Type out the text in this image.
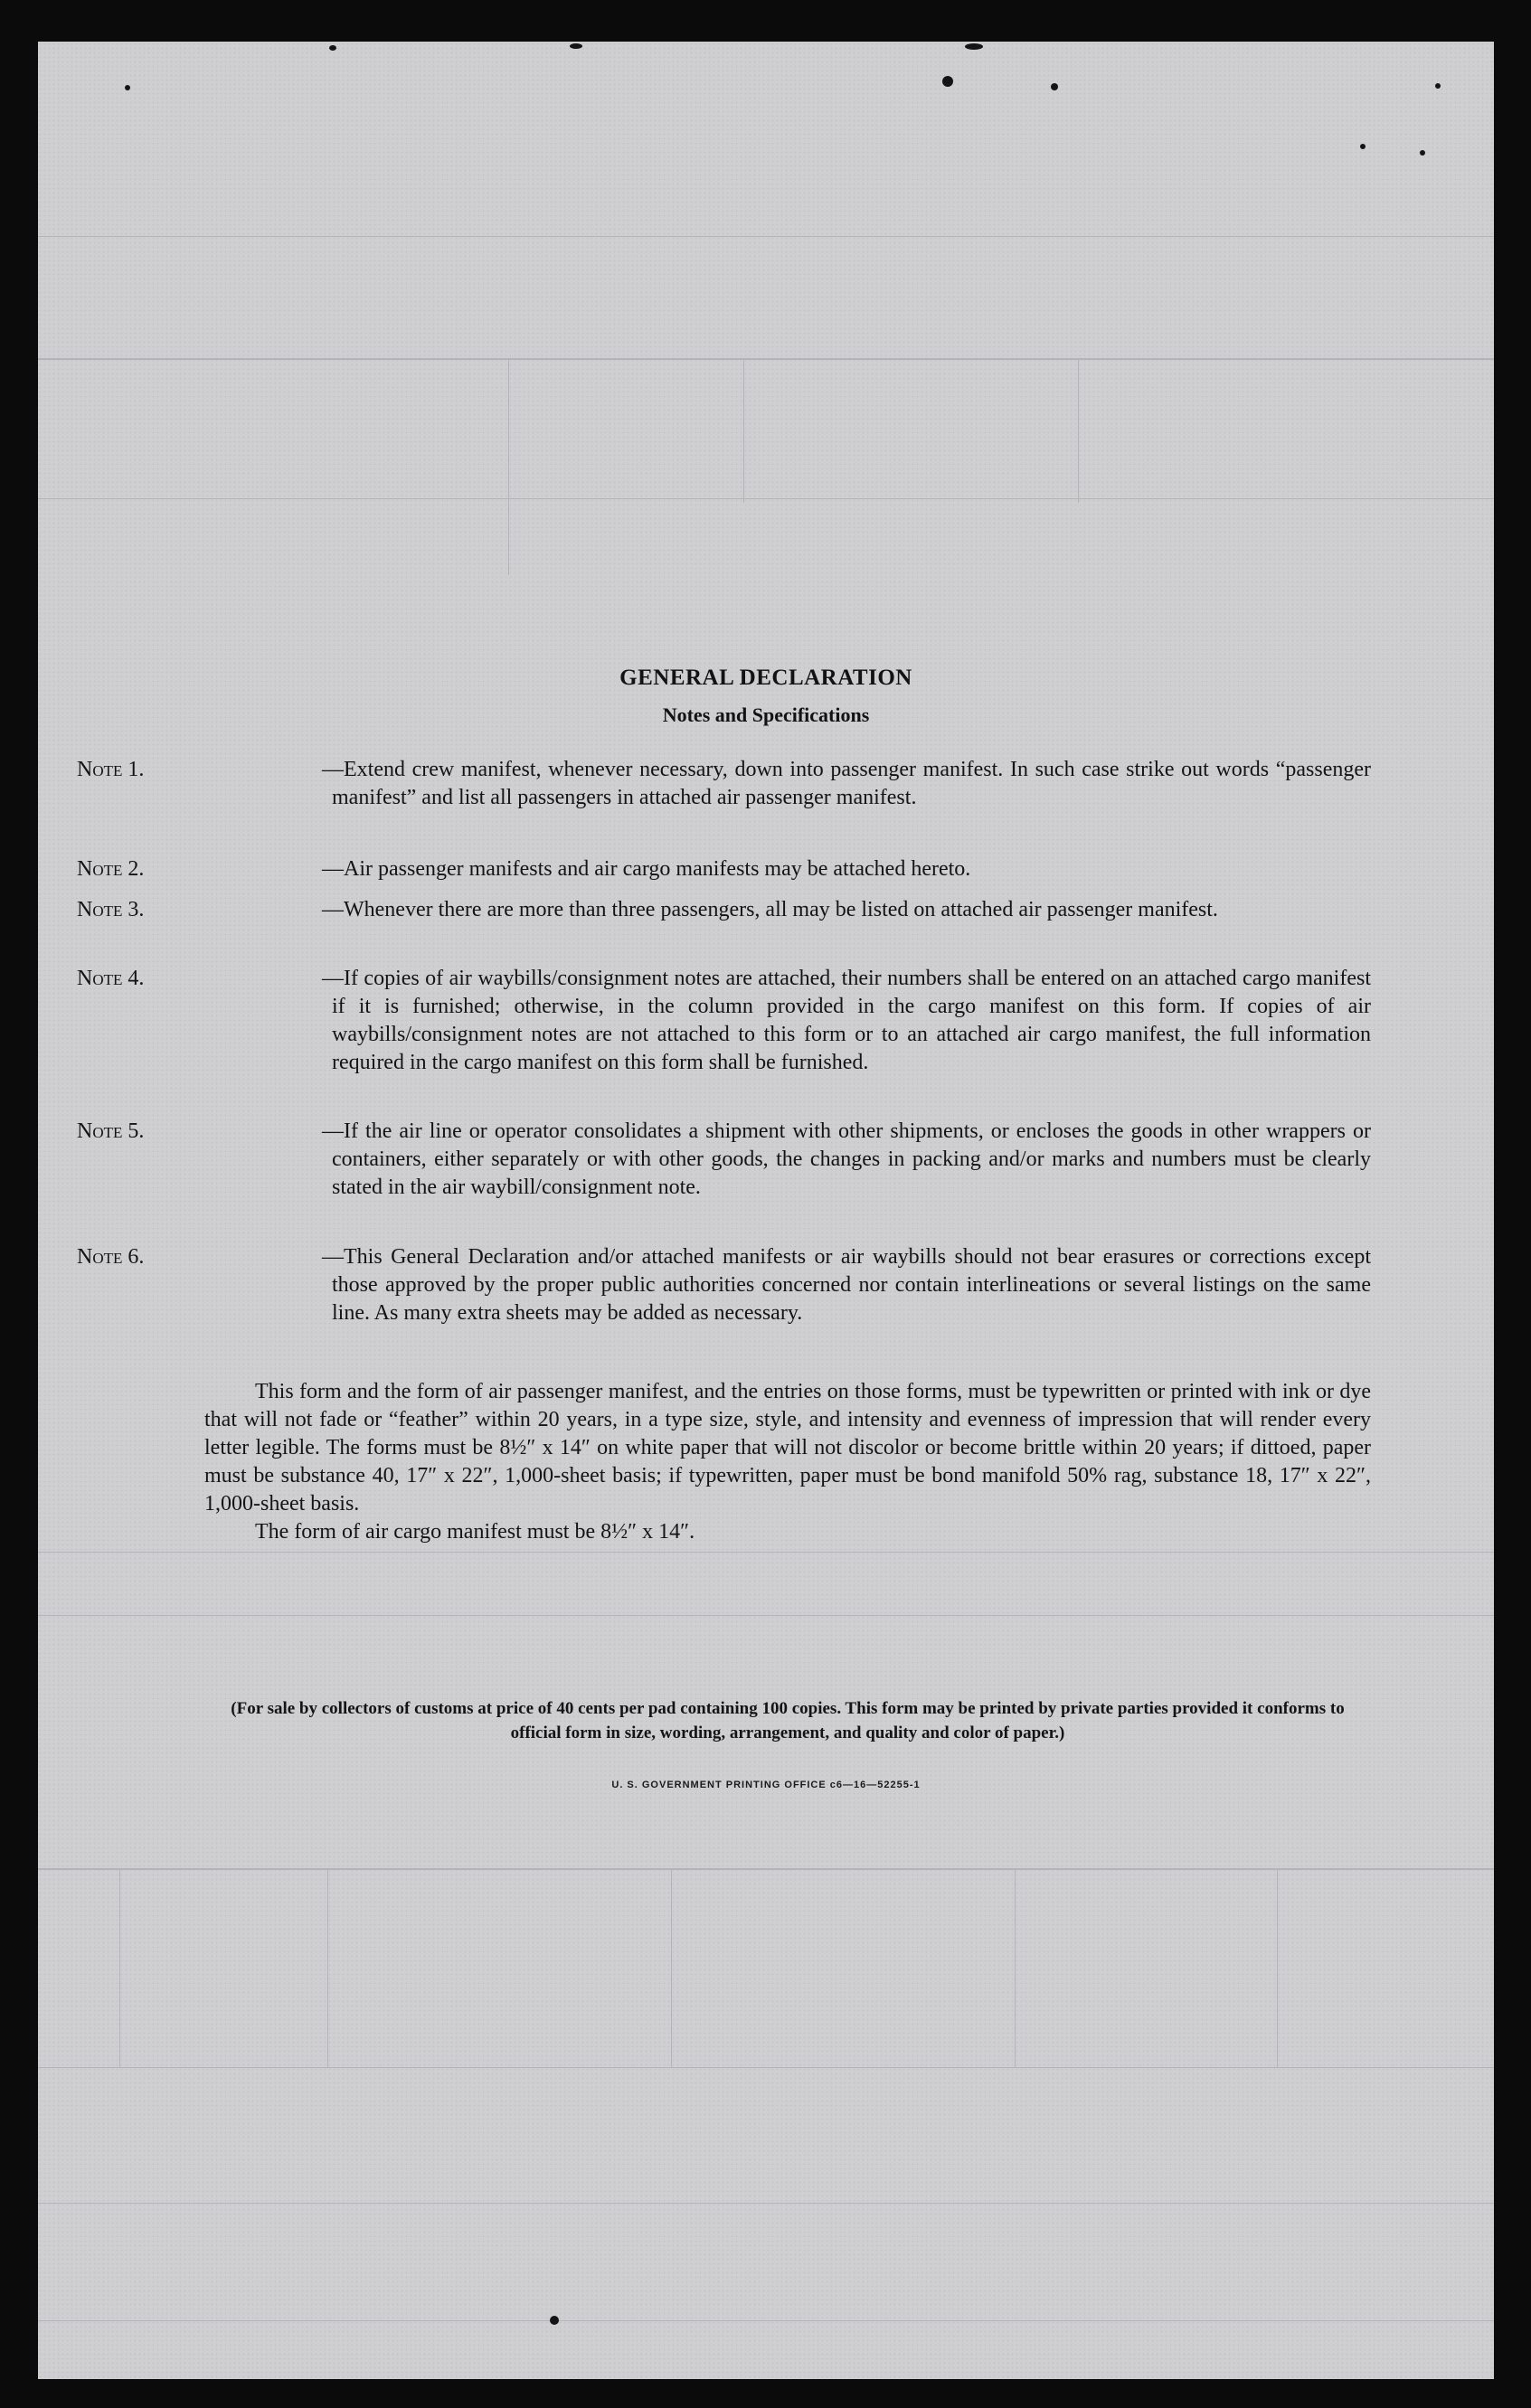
GENERAL DECLARATION
Notes and Specifications
Note 1.	—Extend crew manifest, whenever necessary, down into passenger manifest. In such case strike out words “passenger manifest” and list all passengers in attached air passenger manifest.
Note 2.	—Air passenger manifests and air cargo manifests may be attached hereto.
Note 3.	—Whenever there are more than three passengers, all may be listed on attached air passenger manifest.
Note 4.	—If copies of air waybills/consignment notes are attached, their numbers shall be entered on an attached cargo manifest if it is furnished; otherwise, in the column provided in the cargo manifest on this form. If copies of air waybills/consignment notes are not attached to this form or to an attached air cargo manifest, the full information required in the cargo manifest on this form shall be furnished.
Note 5.	—If the air line or operator consolidates a shipment with other shipments, or encloses the goods in other wrappers or containers, either separately or with other goods, the changes in packing and/or marks and numbers must be clearly stated in the air waybill/consignment note.
Note 6.	—This General Declaration and/or attached manifests or air waybills should not bear erasures or corrections except those approved by the proper public authorities concerned nor contain interlineations or several listings on the same line. As many extra sheets may be added as necessary.
This form and the form of air passenger manifest, and the entries on those forms, must be typewritten or printed with ink or dye that will not fade or “feather” within 20 years, in a type size, style, and intensity and evenness of impression that will render every letter legible. The forms must be 8½″ x 14″ on white paper that will not discolor or become brittle within 20 years; if dittoed, paper must be substance 40, 17″ x 22″, 1,000-sheet basis; if typewritten, paper must be bond manifold 50% rag, substance 18, 17″ x 22″, 1,000-sheet basis.
The form of air cargo manifest must be 8½″ x 14″.
(For sale by collectors of customs at price of 40 cents per pad containing 100 copies. This form may be printed by private parties provided it conforms to official form in size, wording, arrangement, and quality and color of paper.)
U. S. GOVERNMENT PRINTING OFFICE c6—16—52255-1
